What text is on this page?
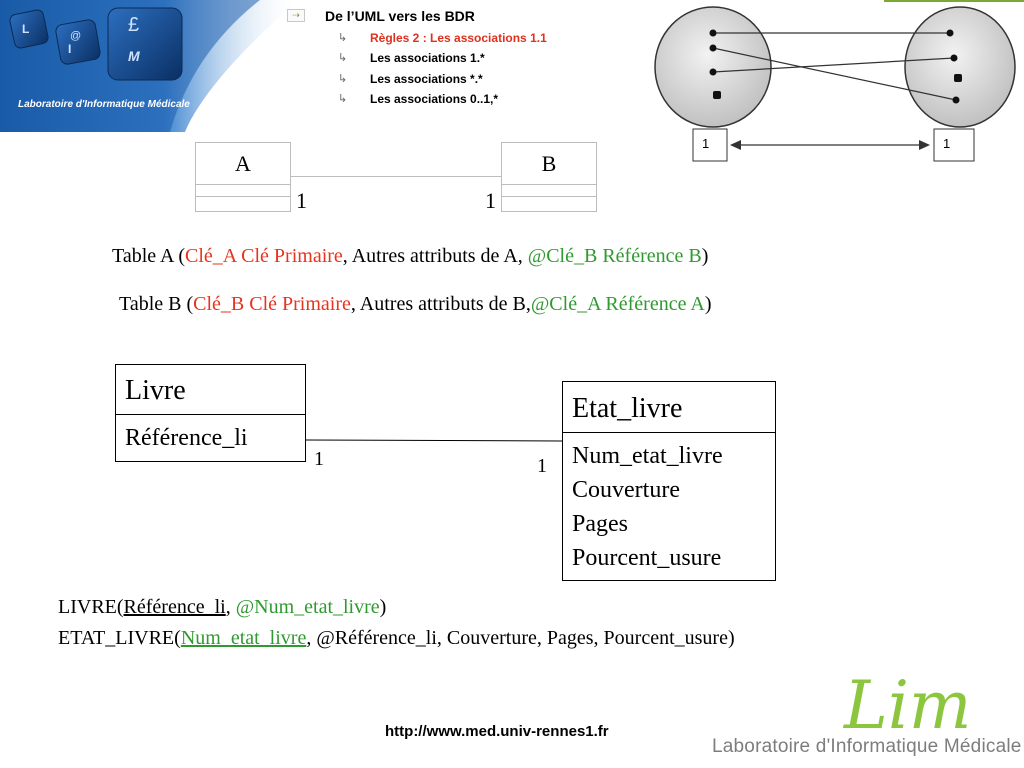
L	@
I
£
M
Laboratoire d'Informatique Médicale
⇢	De l’UML vers les BDR
↳ Règles 2 : Les associations 1.1
↳ Les associations 1.*
↳ Les associations *.*
↳ Les associations 0..1,*
1	1
A	B
1	1
Table A (Clé_A Clé Primaire, Autres attributs de A, @Clé_B Référence B)
Table B (Clé_B Clé Primaire, Autres attributs de B,@Clé_A Référence A)
Livre
Référence_li
1	1
Etat_livre
Num_etat_livre
Couverture
Pages
Pourcent_usure
LIVRE(Référence_li, @Num_etat_livre)
ETAT_LIVRE(Num_etat_livre, @Référence_li, Couverture, Pages, Pourcent_usure)
http://www.med.univ-rennes1.fr	Lim
Laboratoire d'Informatique Médicale
